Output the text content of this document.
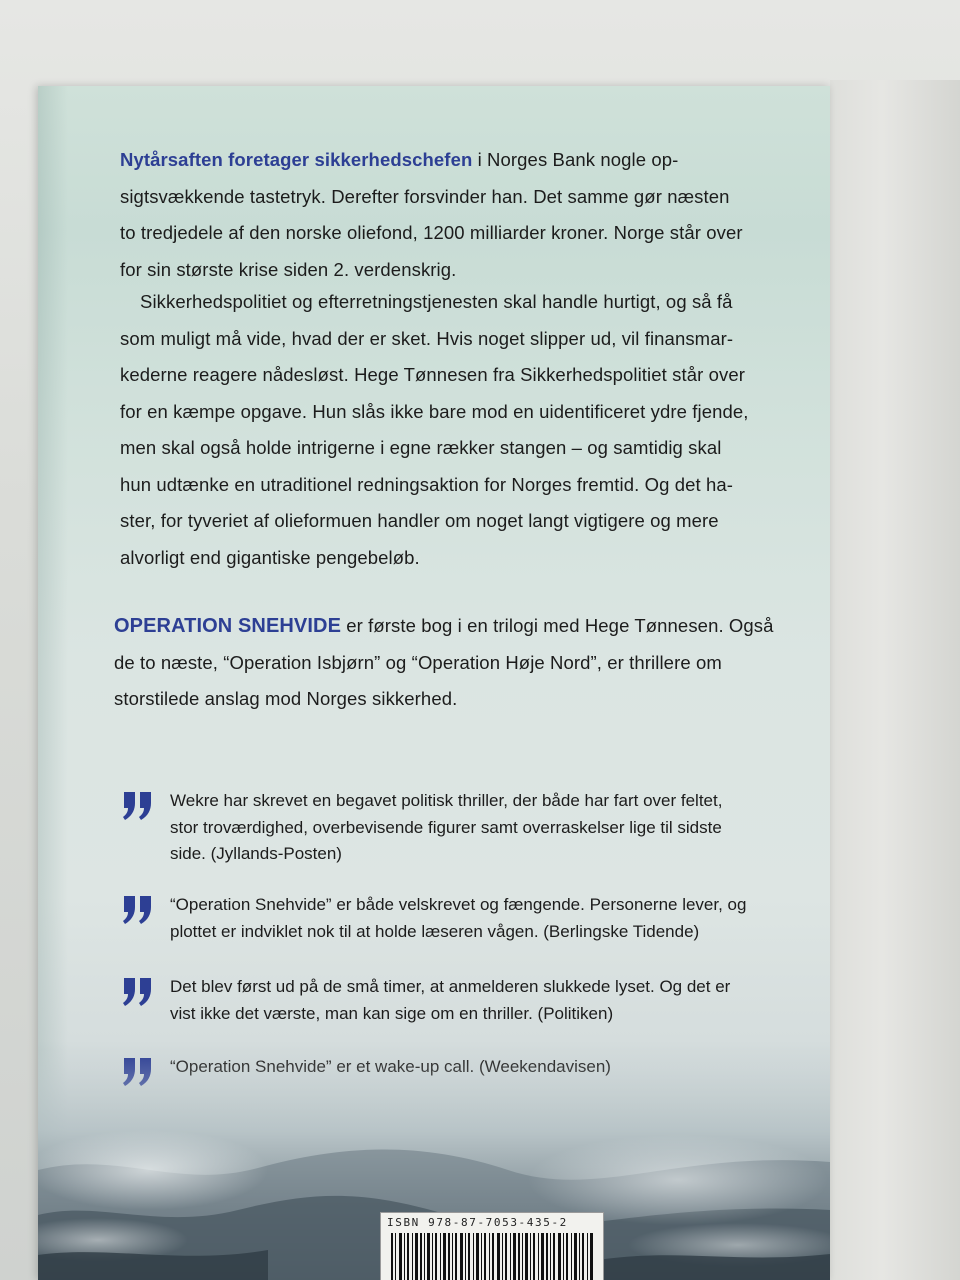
Nytårsaften foretager sikkerhedschefen i Norges Bank nogle op-
sigtsvækkende tastetryk. Derefter forsvinder han. Det samme gør næsten
to tredjedele af den norske oliefond, 1200 milliarder kroner. Norge står over
for sin største krise siden 2. verdenskrig.
Sikkerhedspolitiet og efterretningstjenesten skal handle hurtigt, og så få
som muligt må vide, hvad der er sket. Hvis noget slipper ud, vil finansmar-
kederne reagere nådesløst. Hege Tønnesen fra Sikkerhedspolitiet står over
for en kæmpe opgave. Hun slås ikke bare mod en uidentificeret ydre fjende,
men skal også holde intrigerne i egne rækker stangen – og samtidig skal
hun udtænke en utraditionel redningsaktion for Norges fremtid. Og det ha-
ster, for tyveriet af olieformuen handler om noget langt vigtigere og mere
alvorligt end gigantiske pengebeløb.
OPERATION SNEHVIDE er første bog i en trilogi med Hege Tønnesen. Også
de to næste, “Operation Isbjørn” og “Operation Høje Nord”, er thrillere om
storstilede anslag mod Norges sikkerhed.
Wekre har skrevet en begavet politisk thriller, der både har fart over feltet,
stor troværdighed, overbevisende figurer samt overraskelser lige til sidste
side. (Jyllands-Posten)
“Operation Snehvide” er både velskrevet og fængende. Personerne lever, og
plottet er indviklet nok til at holde læseren vågen. (Berlingske Tidende)
Det blev først ud på de små timer, at anmelderen slukkede lyset. Og det er
vist ikke det værste, man kan sige om en thriller. (Politiken)
ISBN 978-87-7053-435-2
